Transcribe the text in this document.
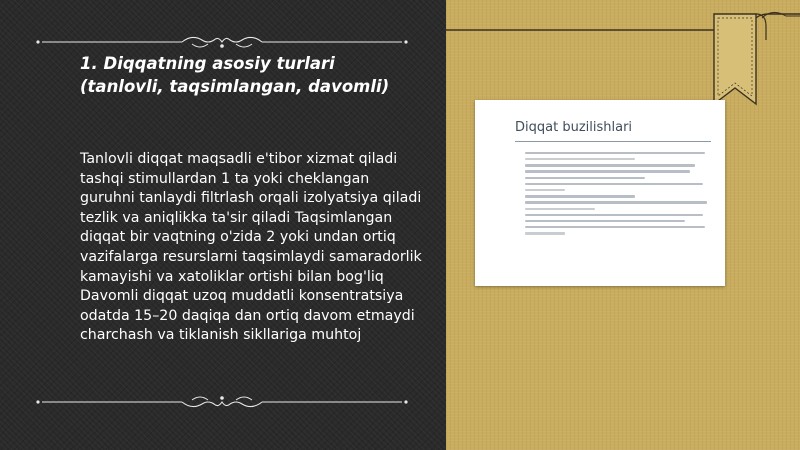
1. Diqqatning asosiy turlari (tanlovli, taqsimlangan, davomli)
Tanlovli diqqat maqsadli e'tibor xizmat qiladi tashqi stimullardan 1 ta yoki cheklangan guruhni tanlaydi filtrlash orqali izolyatsiya qiladi tezlik va aniqlikka ta'sir qiladi Taqsimlangan diqqat bir vaqtning o'zida 2 yoki undan ortiq vazifalarga resurslarni taqsimlaydi samaradorlik kamayishi va xatoliklar ortishi bilan bog'liq Davomli diqqat uzoq muddatli konsentratsiya odatda 15–20 daqiqa dan ortiq davom etmaydi charchash va tiklanish sikllariga muhtoj
Diqqat buzilishlari
